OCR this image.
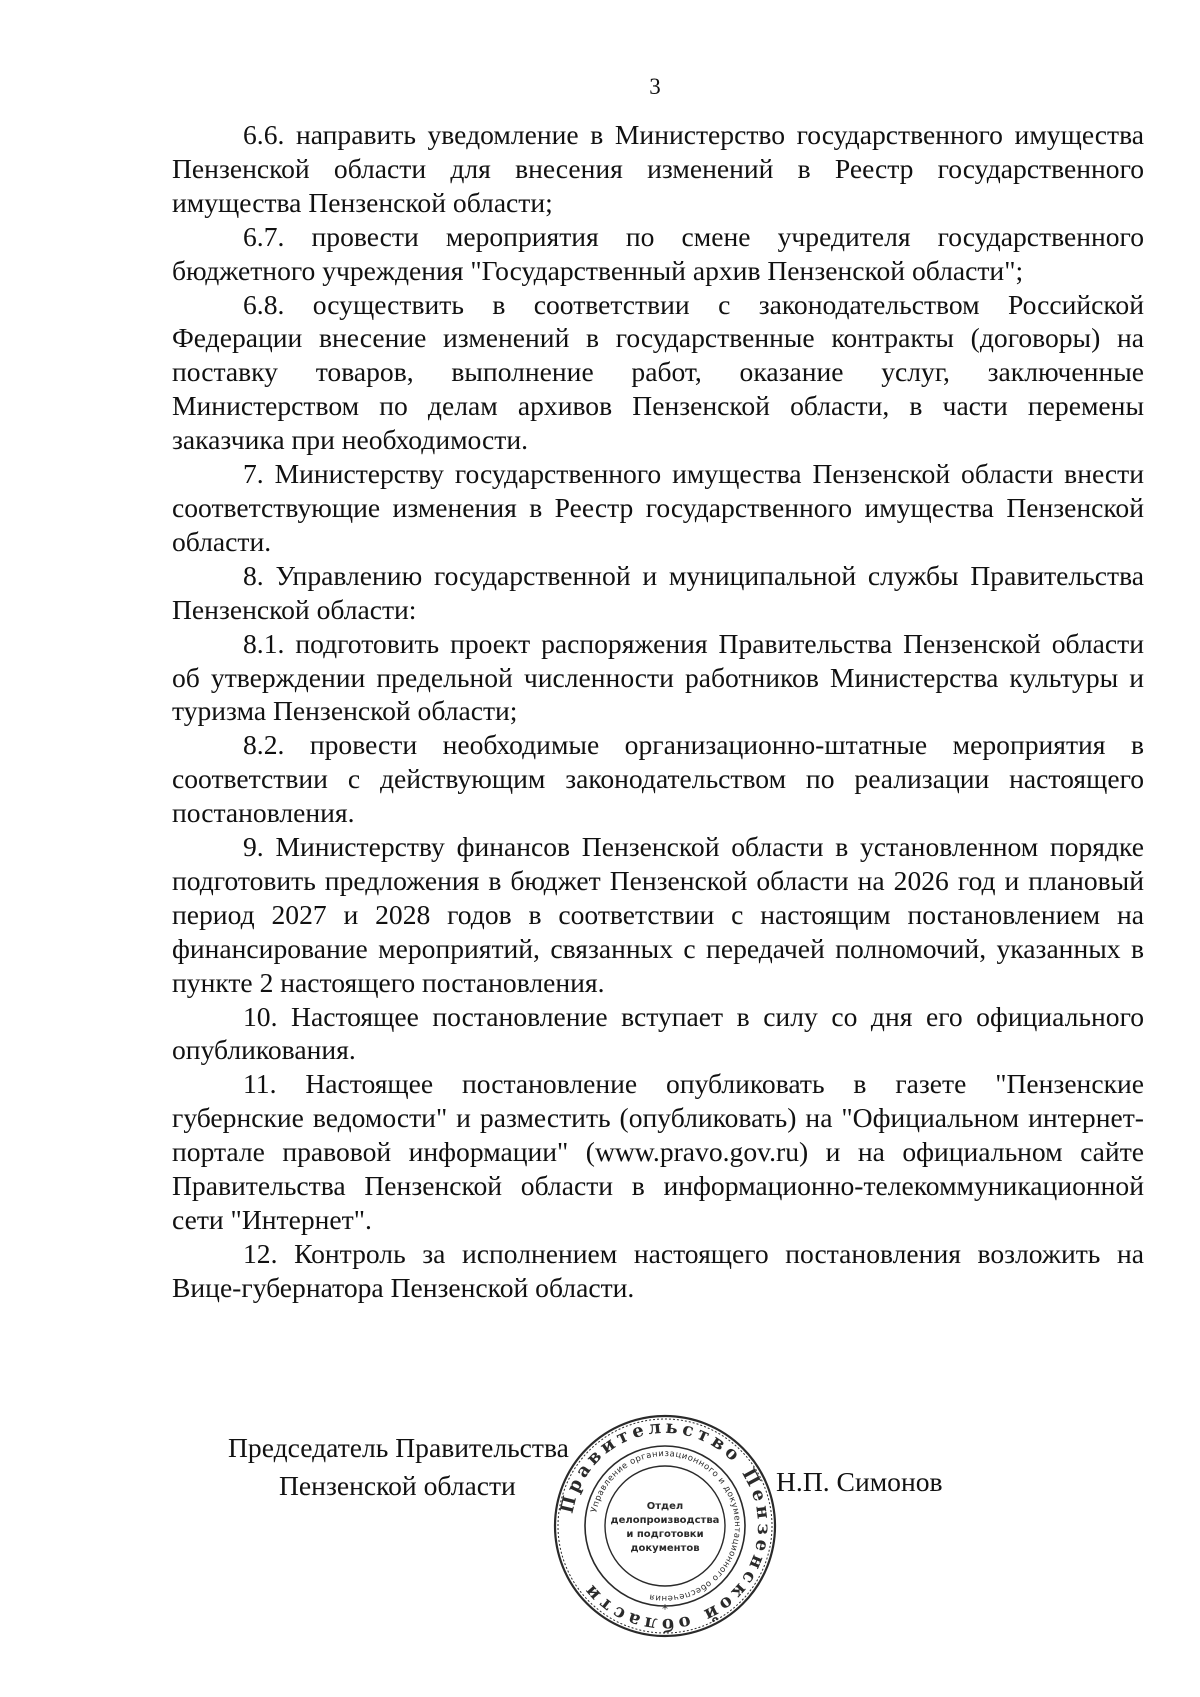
3

6.6. направить уведомление в Министерство государственного имущества Пензенской области для внесения изменений в Реестр государственного имущества Пензенской области;

6.7. провести мероприятия по смене учредителя государственного бюджетного учреждения "Государственный архив Пензенской области";

6.8. осуществить в соответствии с законодательством Российской Федерации внесение изменений в государственные контракты (договоры) на поставку товаров, выполнение работ, оказание услуг, заключенные Министерством по делам архивов Пензенской области, в части перемены заказчика при необходимости.

7. Министерству государственного имущества Пензенской области внести соответствующие изменения в Реестр государственного имущества Пензенской области.

8. Управлению государственной и муниципальной службы Правительства Пензенской области:

8.1. подготовить проект распоряжения Правительства Пензенской области об утверждении предельной численности работников Министерства культуры и туризма Пензенской области;

8.2. провести необходимые организационно-штатные мероприятия в соответствии с действующим законодательством по реализации настоящего постановления.

9. Министерству финансов Пензенской области в установленном порядке подготовить предложения в бюджет Пензенской области на 2026 год и плановый период 2027 и 2028 годов в соответствии с настоящим постановлением на финансирование мероприятий, связанных с передачей полномочий, указанных в пункте 2 настоящего постановления.

10. Настоящее постановление вступает в силу со дня его официального опубликования.

11. Настоящее постановление опубликовать в газете "Пензенские губернские ведомости" и разместить (опубликовать) на "Официальном интернет-портале правовой информации" (www.pravo.gov.ru) и на официальном сайте Правительства Пензенской области в информационно-телекоммуникационной сети "Интернет".

12. Контроль за исполнением настоящего постановления возложить на Вице-губернатора Пензенской области.

Председатель Правительства
Пензенской области
Правительство Пензенской области
Управление организационного и документационного обеспечения
Отдел
делопроизводства
и подготовки
документов
*
Н.П. Симонов
